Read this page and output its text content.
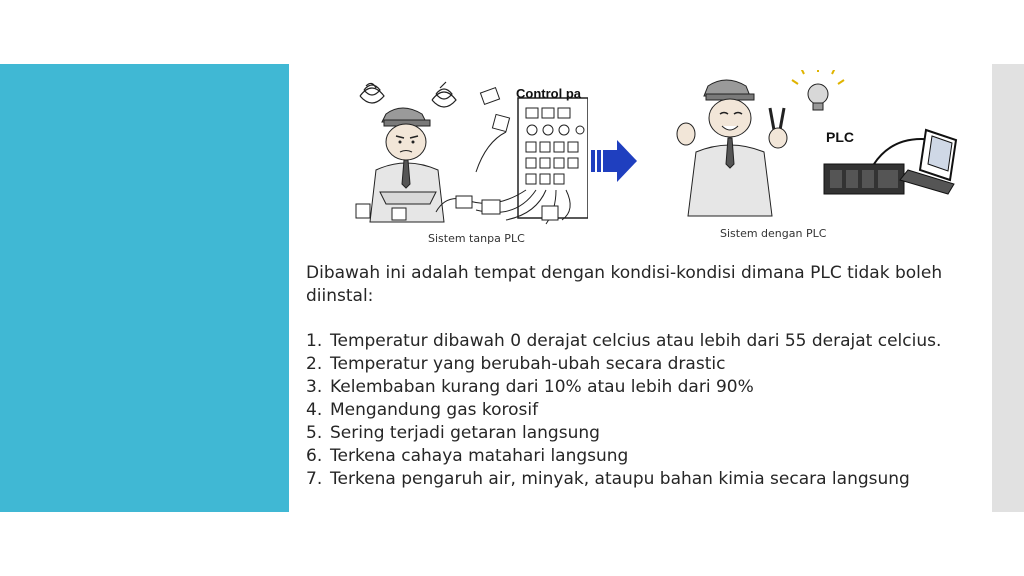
Control pa
Sistem tanpa PLC
PLC
Sistem dengan PLC
Dibawah ini adalah tempat dengan kondisi-kondisi dimana PLC tidak boleh diinstal:
1. Temperatur dibawah 0 derajat celcius atau lebih dari 55 derajat celcius.
2. Temperatur yang berubah-ubah secara drastic
3. Kelembaban kurang dari 10% atau lebih dari 90%
4. Mengandung gas korosif
5. Sering terjadi getaran langsung
6. Terkena cahaya matahari langsung
7. Terkena pengaruh air, minyak, ataupu bahan kimia secara langsung
